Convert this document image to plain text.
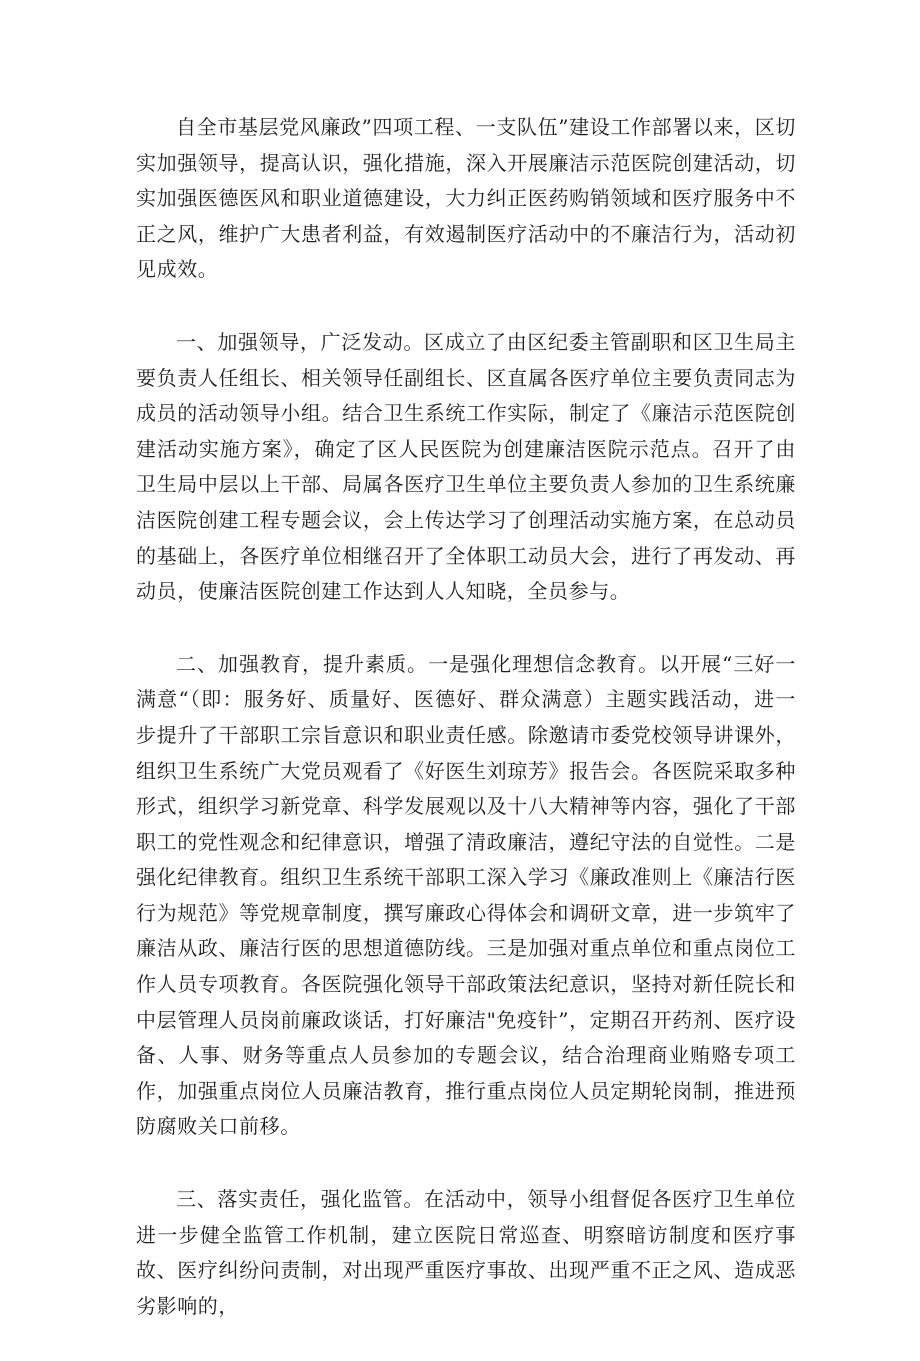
自全市基层党风廉政”四项工程、一支队伍”建设工作部署以来，区切实加强领导，提高认识，强化措施，深入开展廉洁示范医院创建活动，切实加强医德医风和职业道德建设，大力纠正医药购销领域和医疗服务中不正之风，维护广大患者利益，有效遏制医疗活动中的不廉洁行为，活动初见成效。

一、加强领导，广泛发动。区成立了由区纪委主管副职和区卫生局主要负责人任组长、相关领导任副组长、区直属各医疗单位主要负责同志为成员的活动领导小组。结合卫生系统工作实际，制定了《廉洁示范医院创建活动实施方案》，确定了区人民医院为创建廉洁医院示范点。召开了由卫生局中层以上干部、局属各医疗卫生单位主要负责人参加的卫生系统廉洁医院创建工程专题会议，会上传达学习了创理活动实施方案，在总动员的基础上，各医疗单位相继召开了全体职工动员大会，进行了再发动、再动员，使廉洁医院创建工作达到人人知晓，全员参与。

二、加强教育，提升素质。一是强化理想信念教育。以开展“三好一满意“（即：服务好、质量好、医德好、群众满意）主题实践活动，进一步提升了干部职工宗旨意识和职业责任感。除邀请市委党校领导讲课外，组织卫生系统广大党员观看了《好医生刘琼芳》报告会。各医院采取多种形式，组织学习新党章、科学发展观以及十八大精神等内容，强化了干部职工的党性观念和纪律意识，增强了清政廉洁，遵纪守法的自觉性。二是强化纪律教育。组织卫生系统干部职工深入学习《廉政准则上《廉洁行医行为规范》等党规章制度，撰写廉政心得体会和调研文章，进一步筑牢了廉洁从政、廉洁行医的思想道德防线。三是加强对重点单位和重点岗位工作人员专项教育。各医院强化领导干部政策法纪意识，坚持对新任院长和中层管理人员岗前廉政谈话，打好廉洁"免疫针”，定期召开药剂、医疗设备、人事、财务等重点人员参加的专题会议，结合治理商业贿赂专项工作，加强重点岗位人员廉洁教育，推行重点岗位人员定期轮岗制，推进预防腐败关口前移。

三、落实责任，强化监管。在活动中，领导小组督促各医疗卫生单位进一步健全监管工作机制，建立医院日常巡查、明察暗访制度和医疗事故、医疗纠纷问责制，对出现严重医疗事故、出现严重不正之风、造成恶劣影响的，
